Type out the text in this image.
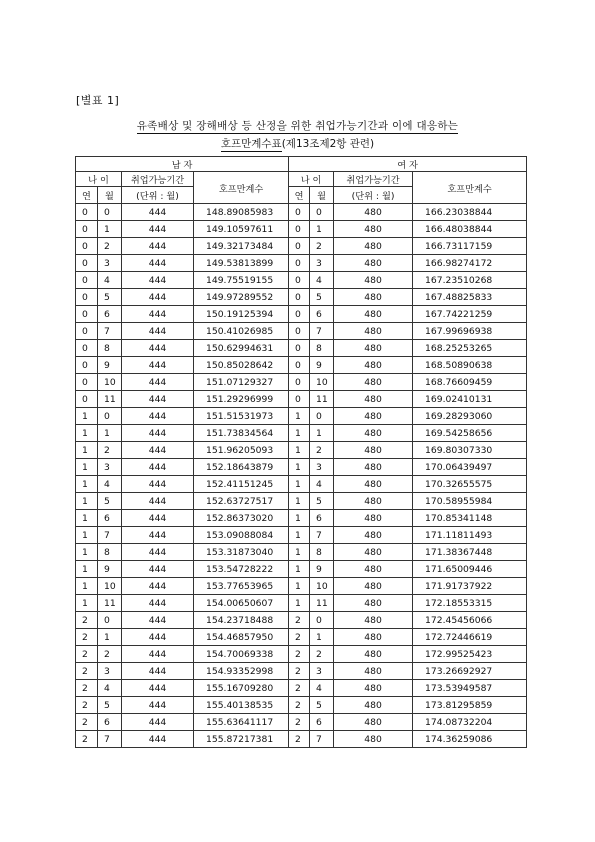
[별표 1]
유족배상 및 장해배상 등 산정을 위한 취업가능기간과 이에 대응하는
호프만계수표(제13조제2항 관련)
남 자				여 자			
나 이		취업가능기간	호프만계수	나 이		취업가능기간	호프만계수
연	월	(단위 : 월)		연	월	(단위 : 월)	
0	0	444	148.89085983	0	0	480	166.23038844
0	1	444	149.10597611	0	1	480	166.48038844
0	2	444	149.32173484	0	2	480	166.73117159
0	3	444	149.53813899	0	3	480	166.98274172
0	4	444	149.75519155	0	4	480	167.23510268
0	5	444	149.97289552	0	5	480	167.48825833
0	6	444	150.19125394	0	6	480	167.74221259
0	7	444	150.41026985	0	7	480	167.99696938
0	8	444	150.62994631	0	8	480	168.25253265
0	9	444	150.85028642	0	9	480	168.50890638
0	10	444	151.07129327	0	10	480	168.76609459
0	11	444	151.29296999	0	11	480	169.02410131
1	0	444	151.51531973	1	0	480	169.28293060
1	1	444	151.73834564	1	1	480	169.54258656
1	2	444	151.96205093	1	2	480	169.80307330
1	3	444	152.18643879	1	3	480	170.06439497
1	4	444	152.41151245	1	4	480	170.32655575
1	5	444	152.63727517	1	5	480	170.58955984
1	6	444	152.86373020	1	6	480	170.85341148
1	7	444	153.09088084	1	7	480	171.11811493
1	8	444	153.31873040	1	8	480	171.38367448
1	9	444	153.54728222	1	9	480	171.65009446
1	10	444	153.77653965	1	10	480	171.91737922
1	11	444	154.00650607	1	11	480	172.18553315
2	0	444	154.23718488	2	0	480	172.45456066
2	1	444	154.46857950	2	1	480	172.72446619
2	2	444	154.70069338	2	2	480	172.99525423
2	3	444	154.93352998	2	3	480	173.26692927
2	4	444	155.16709280	2	4	480	173.53949587
2	5	444	155.40138535	2	5	480	173.81295859
2	6	444	155.63641117	2	6	480	174.08732204
2	7	444	155.87217381	2	7	480	174.36259086
